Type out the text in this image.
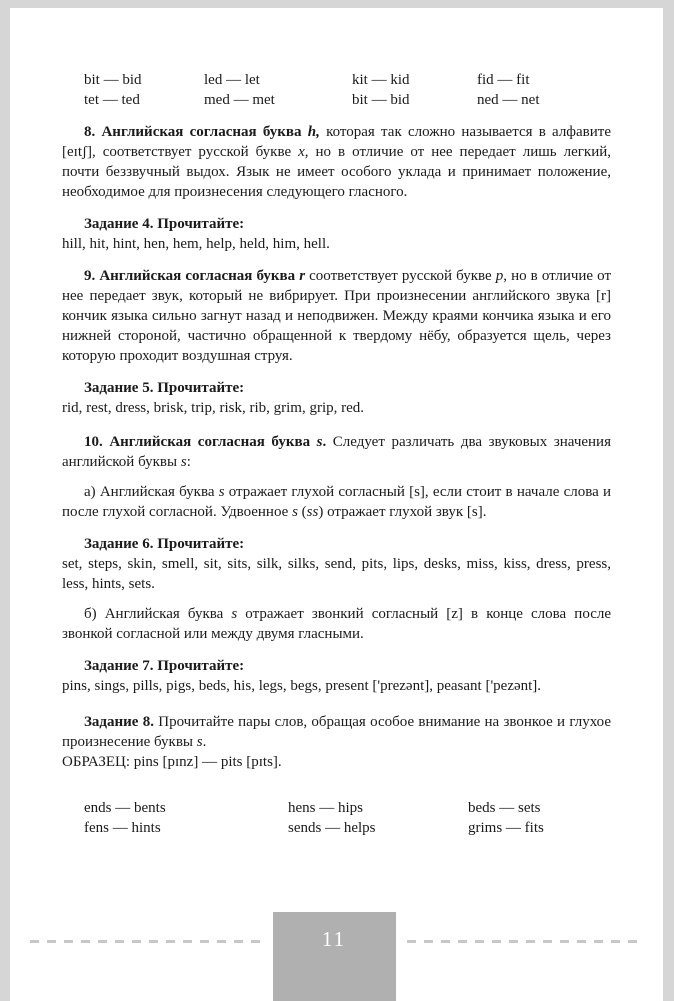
bit — bid	led — let	kit — kid	fid — fit
tet — ted	med — met	bit — bid	ned — net

8. Английская согласная буква h, которая так сложно называется в алфавите [eɪtʃ], соответствует русской букве х, но в отличие от нее передает лишь легкий, почти беззвучный выдох. Язык не имеет особого уклада и принимает положение, необходимое для произнесения следующего гласного.

Задание 4. Прочитайте:

hill, hit, hint, hen, hem, help, held, him, hell.

9. Английская согласная буква r соответствует русской букве р, но в отличие от нее передает звук, который не вибрирует. При произнесении английского звука [r] кончик языка сильно загнут назад и неподвижен. Между краями кончика языка и его нижней стороной, частично обращенной к твердому нёбу, образуется щель, через которую проходит воздушная струя.

Задание 5. Прочитайте:

rid, rest, dress, brisk, trip, risk, rib, grim, grip, red.

10. Английская согласная буква s. Следует различать два звуковых значения английской буквы s:

а) Английская буква s отражает глухой согласный [s], если стоит в начале слова и после глухой согласной. Удвоенное s (ss) отражает глухой звук [s].

Задание 6. Прочитайте:

set, steps, skin, smell, sit, sits, silk, silks, send, pits, lips, desks, miss, kiss, dress, press, less, hints, sets.

б) Английская буква s отражает звонкий согласный [z] в конце слова после звонкой согласной или между двумя гласными.

Задание 7. Прочитайте:

pins, sings, pills, pigs, beds, his, legs, begs, present ['prezənt], peasant ['pezənt].

Задание 8. Прочитайте пары слов, обращая особое внимание на звонкое и глухое произнесение буквы s.

ОБРАЗЕЦ: pins [pɪnz] — pits [pɪts].

ends — bents	hens — hips	beds — sets
fens — hints	sends — helps	grims — fits
11
